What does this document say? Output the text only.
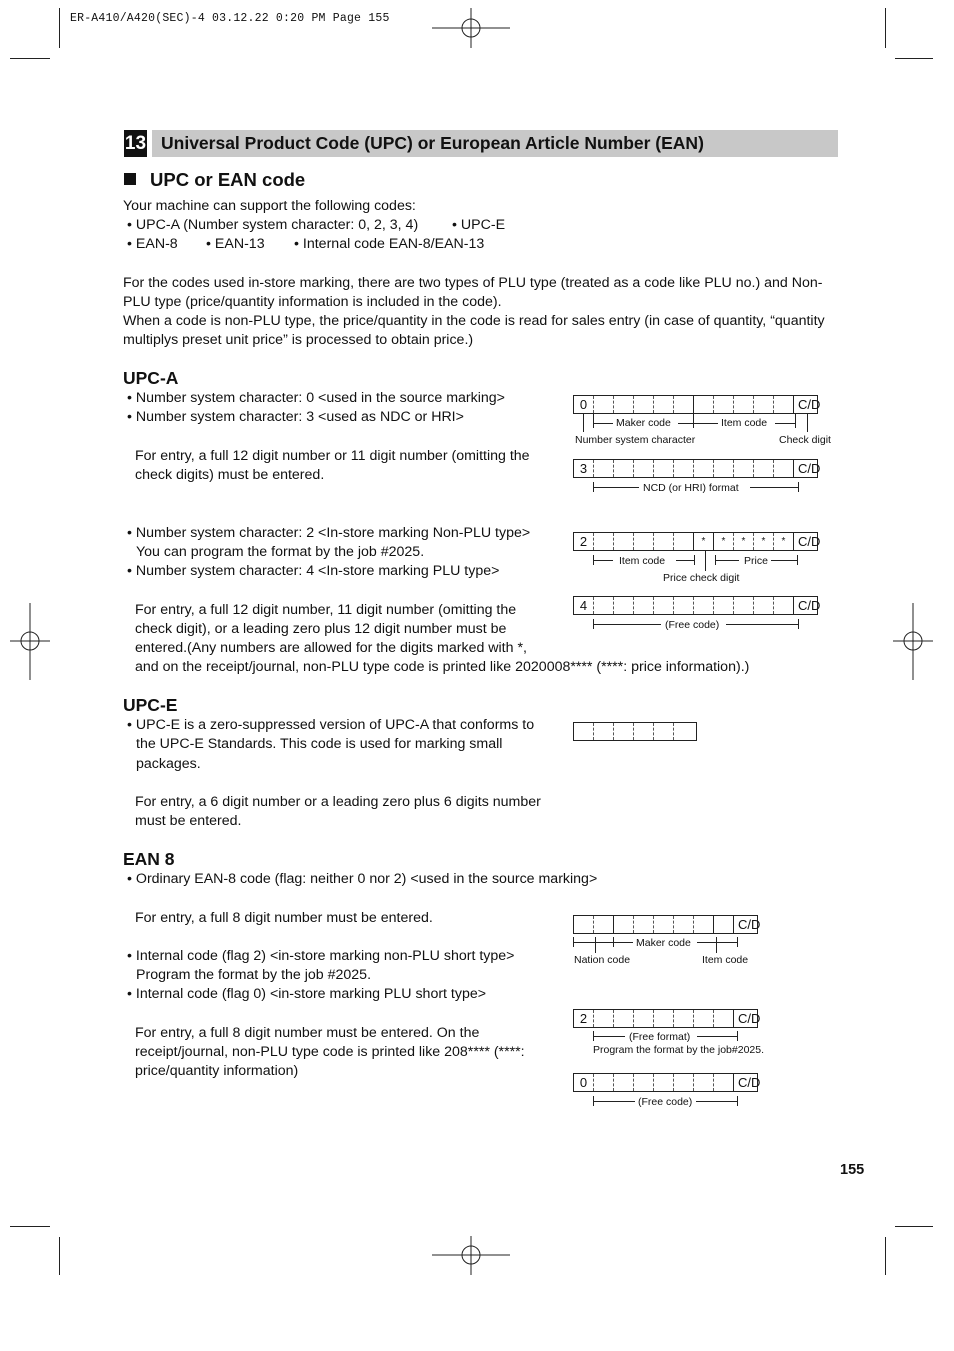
ER-A410/A420(SEC)-4 03.12.22 0:20 PM Page 155
13 Universal Product Code (UPC) or European Article Number (EAN)
UPC or EAN code
Your machine can support the following codes:
• UPC-A (Number system character: 0, 2, 3, 4) • UPC-E
• EAN-8 • EAN-13 • Internal code EAN-8/EAN-13
For the codes used in-store marking, there are two types of PLU type (treated as a code like PLU no.) and Non-
PLU type (price/quantity information is included in the code).
When a code is non-PLU type, the price/quantity in the code is read for sales entry (in case of quantity, “quantity
multiplys preset unit price” is processed to obtain price.)
UPC-A
• Number system character: 0 <used in the source marking>
• Number system character: 3 <used as NDC or HRI>
For entry, a full 12 digit number or 11 digit number (omitting the
check digits) must be entered.
• Number system character: 2 <In-store marking Non-PLU type>
You can program the format by the job #2025.
• Number system character: 4 <In-store marking PLU type>
For entry, a full 12 digit number, 11 digit number (omitting the
check digit), or a leading zero plus 12 digit number must be
entered.(Any numbers are allowed for the digits marked with *,
and on the receipt/journal, non-PLU type code is printed like 2020008**** (****: price information).)
0	C/D
Maker code	Item code
Number system character	Check digit
3	C/D
NCD (or HRI) format
2	*	*	*	*	* C/D
Item code	Price
Price check digit
4	C/D
(Free code)
UPC-E
• UPC-E is a zero-suppressed version of UPC-A that conforms to
the UPC-E Standards. This code is used for marking small
packages.
For entry, a 6 digit number or a leading zero plus 6 digits number
must be entered.
EAN 8
• Ordinary EAN-8 code (flag: neither 0 nor 2) <used in the source marking>
For entry, a full 8 digit number must be entered.
• Internal code (flag 2) <in-store marking non-PLU short type>
Program the format by the job #2025.
• Internal code (flag 0) <in-store marking PLU short type>
For entry, a full 8 digit number must be entered. On the
receipt/journal, non-PLU type code is printed like 208**** (****:
price/quantity information)
C/D
Maker code
Nation code	Item code
2	C/D
(Free format)
Program the format by the job#2025.
0	C/D
(Free code)
155
